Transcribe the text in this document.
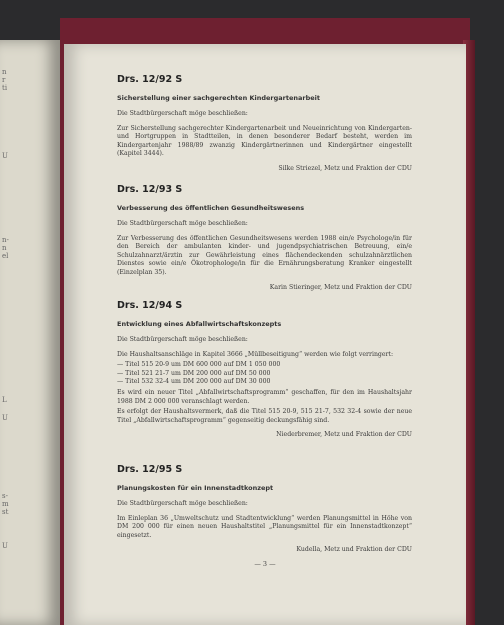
n
r
ti
U
n-
n
el
L
U
s-
m
st
U
Drs. 12/92 S
Sicherstellung einer sachgerechten Kindergartenarbeit
Die Stadtbürgerschaft möge beschließen:
Zur Sicherstellung sachgerechter Kindergartenarbeit und Neueinrichtung von Kindergarten- und Hortgruppen in Stadtteilen, in denen besonderer Bedarf besteht, werden im Kindergartenjahr 1988/89 zwanzig Kindergärtnerinnen und Kindergärtner eingestellt (Kapitel 3444).
Silke Striezel, Metz und Fraktion der CDU
Drs. 12/93 S
Verbesserung des öffentlichen Gesundheitswesens
Die Stadtbürgerschaft möge beschließen:
Zur Verbesserung des öffentlichen Gesundheitswesens werden 1988 ein/e Psychologe/in für den Bereich der ambulanten kinder- und jugendpsychiatrischen Betreuung, ein/e Schulzahnarzt/ärztin zur Gewährleistung eines flächendeckenden schulzahnärztlichen Dienstes sowie ein/e Ökotrophologe/in für die Ernährungsberatung Kranker eingestellt (Einzelplan 35).
Karin Stieringer, Metz und Fraktion der CDU
Drs. 12/94 S
Entwicklung eines Abfallwirtschaftskonzepts
Die Stadtbürgerschaft möge beschließen:
Die Haushaltsanschläge in Kapitel 3666 „Müllbeseitigung“ werden wie folgt verringert:
— Titel 515 20-9 um DM 600 000 auf DM 1 050 000
— Titel 521 21-7 um DM 200 000 auf DM 50 000
— Titel 532 32-4 um DM 200 000 auf DM 30 000
Es wird ein neuer Titel „Abfallwirtschaftsprogramm“ geschaffen, für den im Haushaltsjahr 1988 DM 2 000 000 veranschlagt werden.
Es erfolgt der Haushaltsvermerk, daß die Titel 515 20-9, 515 21-7, 532 32-4 sowie der neue Titel „Abfallwirtschaftsprogramm“ gegenseitig deckungsfähig sind.
Niederbremer, Metz und Fraktion der CDU
Drs. 12/95 S
Planungskosten für ein Innenstadtkonzept
Die Stadtbürgerschaft möge beschließen:
Im Einleplan 36 „Umweltschutz und Stadtentwicklung“ werden Planungsmittel in Höhe von DM 200 000 für einen neuen Haushaltstitel „Planungsmittel für ein Innenstadtkonzept“ eingesetzt.
Kudella, Metz und Fraktion der CDU
— 3 —
